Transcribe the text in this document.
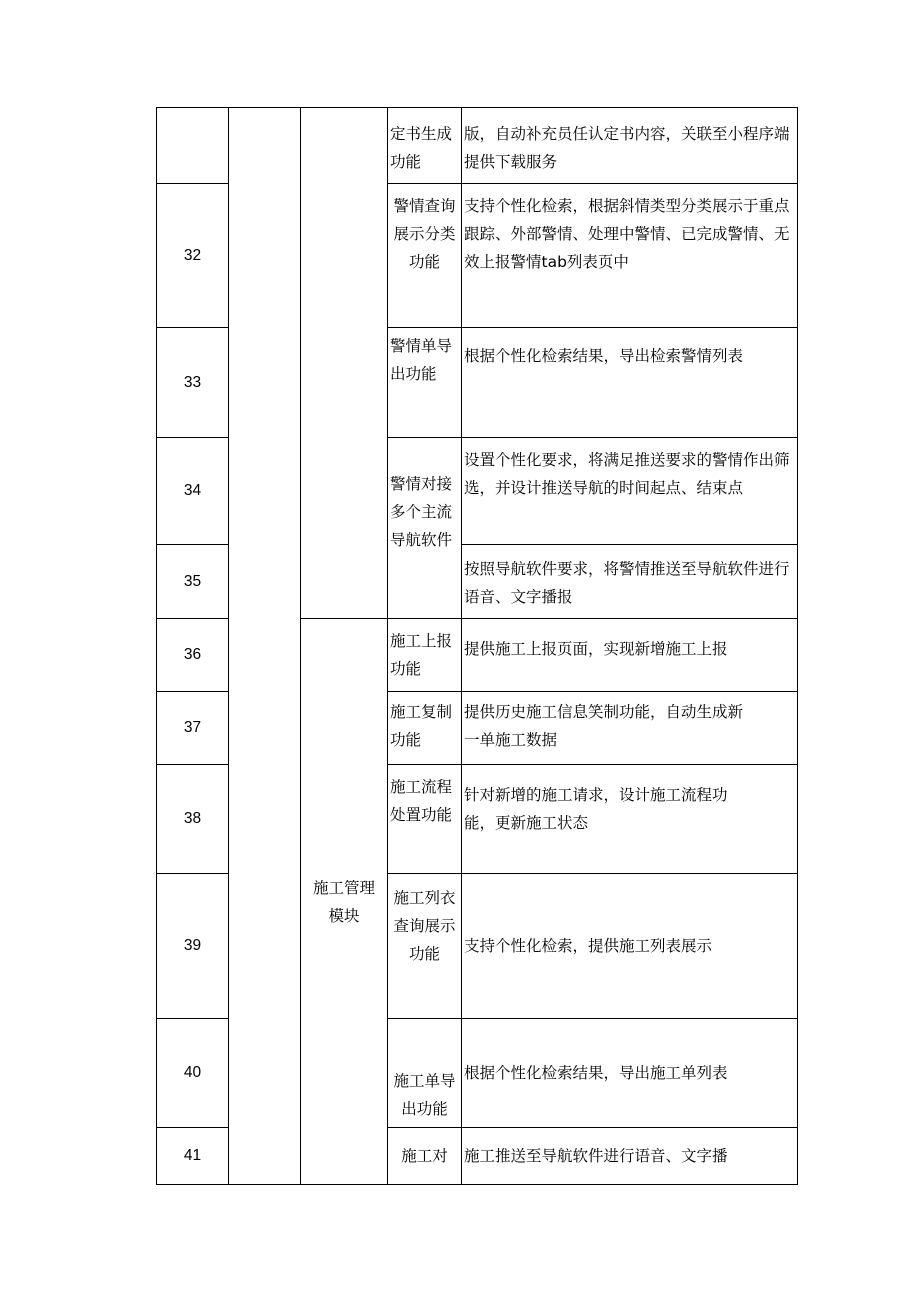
			定书生成功能	版，自动补充员任认定书内容，关联至小程序端提供下载服务

32			警情查询展示分类功能	支持个性化检索，根据斜情类型分类展示于重点跟踪、外部警情、处理中警情、已完成警情、无效上报警情tab列表页中

33			警情单导出功能	根据个性化检索结果，导出检索警情列表

34			警情对接多个主流导航软件	设置个性化要求，将满足推送要求的警情作出筛选，并设计推送导航的时间起点、结束点

35				按照导航软件要求，将警情推送至导航软件进行语音、文字播报

36		施工管理模块	施工上报功能	提供施工上报页面，实现新增施工上报

37			施工复制功能	提供历史施工信息笑制功能，自动生成新一单施工数据

38			施工流程处置功能	针对新增的施工请求，设计施工流程功能，更新施工状态

39			施工列衣查询展示功能	支持个性化检索，提供施工列表展示

40			施工单导出功能	根据个性化检索结果，导出施工单列表

41			施工对	施工推送至导航软件进行语音、文字播
